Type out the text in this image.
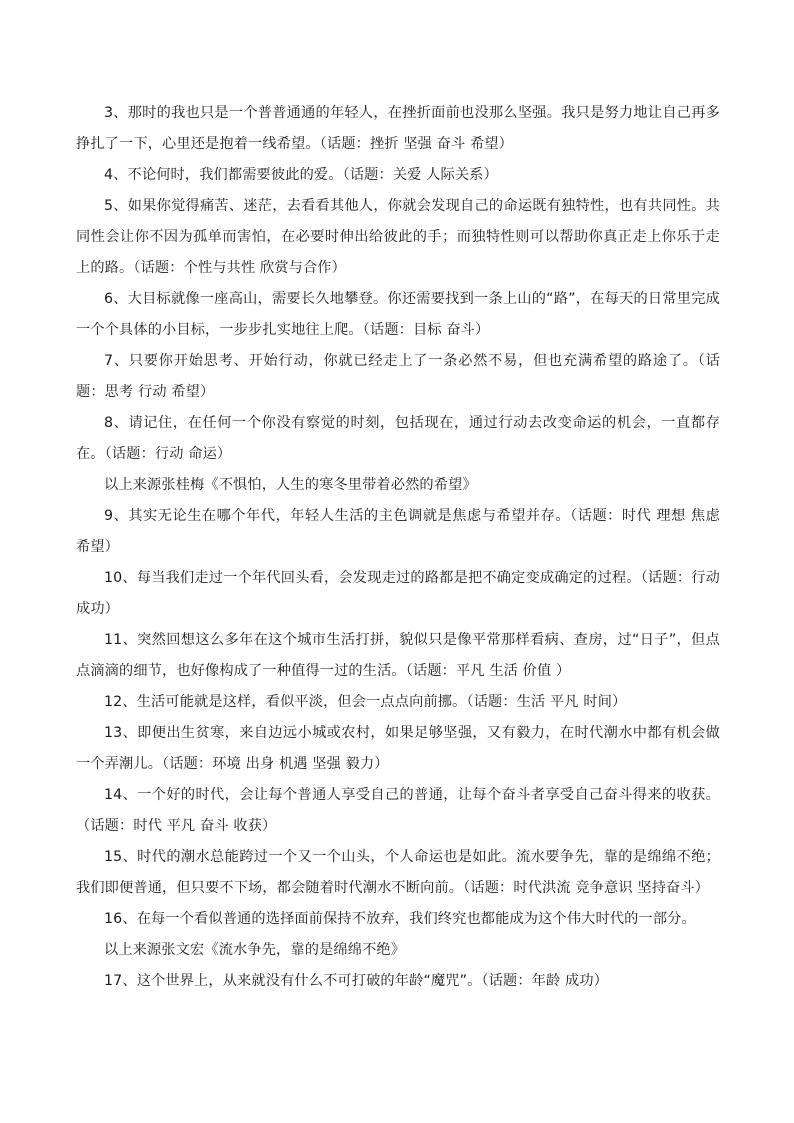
3、那时的我也只是一个普普通通的年轻人，在挫折面前也没那么坚强。我只是努力地让自己再多挣扎了一下，心里还是抱着一线希望。（话题：挫折 坚强 奋斗 希望）

4、不论何时，我们都需要彼此的爱。（话题：关爱 人际关系）

5、如果你觉得痛苦、迷茫，去看看其他人，你就会发现自己的命运既有独特性，也有共同性。共同性会让你不因为孤单而害怕，在必要时伸出给彼此的手；而独特性则可以帮助你真正走上你乐于走上的路。（话题：个性与共性 欣赏与合作）

6、大目标就像一座高山，需要长久地攀登。你还需要找到一条上山的“路”，在每天的日常里完成一个个具体的小目标，一步步扎实地往上爬。（话题：目标 奋斗）

7、只要你开始思考、开始行动，你就已经走上了一条必然不易，但也充满希望的路途了。（话题：思考 行动 希望）

8、请记住，在任何一个你没有察觉的时刻，包括现在，通过行动去改变命运的机会，一直都存在。（话题：行动 命运）

以上来源张桂梅《不惧怕，人生的寒冬里带着必然的希望》

9、其实无论生在哪个年代，年轻人生活的主色调就是焦虑与希望并存。（话题：时代 理想 焦虑 希望）

10、每当我们走过一个年代回头看，会发现走过的路都是把不确定变成确定的过程。（话题：行动 成功）

11、突然回想这么多年在这个城市生活打拼，貌似只是像平常那样看病、查房，过“日子”，但点点滴滴的细节，也好像构成了一种值得一过的生活。（话题：平凡 生活 价值 ）

12、生活可能就是这样，看似平淡，但会一点点向前挪。（话题：生活 平凡 时间）

13、即便出生贫寒，来自边远小城或农村，如果足够坚强，又有毅力，在时代潮水中都有机会做一个弄潮儿。（话题：环境 出身 机遇 坚强 毅力）

14、一个好的时代，会让每个普通人享受自己的普通，让每个奋斗者享受自己奋斗得来的收获。（话题：时代 平凡 奋斗 收获）

15、时代的潮水总能跨过一个又一个山头，个人命运也是如此。流水要争先，靠的是绵绵不绝；我们即便普通，但只要不下场，都会随着时代潮水不断向前。（话题：时代洪流 竞争意识 坚持奋斗）

16、在每一个看似普通的选择面前保持不放弃，我们终究也都能成为这个伟大时代的一部分。

以上来源张文宏《流水争先，靠的是绵绵不绝》

17、这个世界上，从来就没有什么不可打破的年龄“魔咒”。（话题：年龄 成功）
